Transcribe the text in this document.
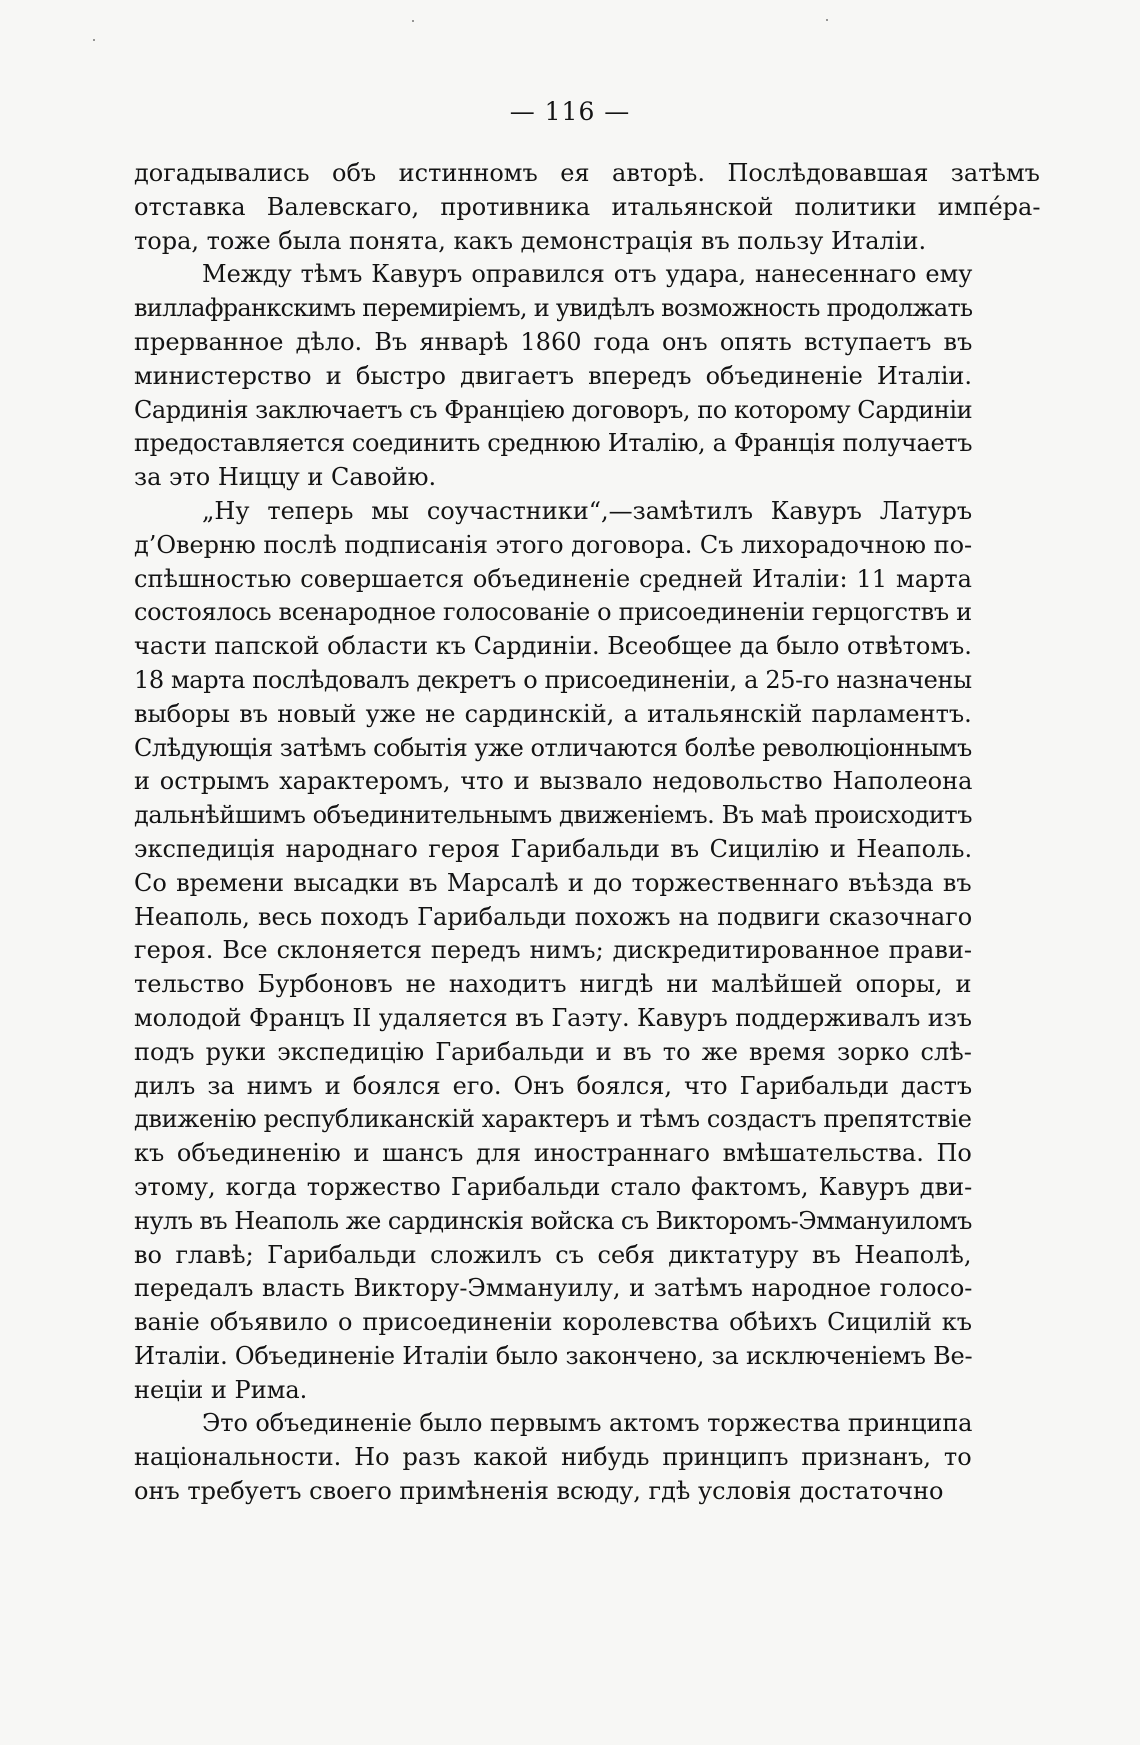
— 116 —
догадывались объ истинномъ ея авторѣ. Послѣдовавшая затѣмъ
отставка Валевскаго, противника итальянской политики импе́ра-
тора, тоже была понята, какъ демонстрація въ пользу Италіи.
Между тѣмъ Кавуръ оправился отъ удара, нанесеннаго ему
виллафранкскимъ перемиріемъ, и увидѣлъ возможность продолжать
прерванное дѣло. Въ январѣ 1860 года онъ опять вступаетъ въ
министерство и быстро двигаетъ впередъ объединеніе Италіи.
Сардинія заключаетъ съ Франціею договоръ, по которому Сардиніи
предоставляется соединить среднюю Италію, а Франція получаетъ
за это Ниццу и Савойю.
„Ну теперь мы соучастники“,—замѣтилъ Кавуръ Латуръ
д’Оверню послѣ подписанія этого договора. Съ лихорадочною по-
спѣшностью совершается объединеніе средней Италіи: 11 марта
состоялось всенародное голосованіе о присоединеніи герцогствъ и
части папской области къ Сардиніи. Всеобщее да было отвѣтомъ.
18 марта послѣдовалъ декретъ о присоединеніи, а 25-го назначены
выборы въ новый уже не сардинскій, а итальянскій парламентъ.
Слѣдующія затѣмъ событія уже отличаются болѣе революціоннымъ
и острымъ характеромъ, что и вызвало недовольство Наполеона
дальнѣйшимъ объединительнымъ движеніемъ. Въ маѣ происходитъ
экспедиція народнаго героя Гарибальди въ Сицилію и Неаполь.
Со времени высадки въ Марсалѣ и до торжественнаго въѣзда въ
Неаполь, весь походъ Гарибальди похожъ на подвиги сказочнаго
героя. Все склоняется передъ нимъ; дискредитированное прави-
тельство Бурбоновъ не находитъ нигдѣ ни малѣйшей опоры, и
молодой Францъ II удаляется въ Гаэту. Кавуръ поддерживалъ изъ
подъ руки экспедицію Гарибальди и въ то же время зорко слѣ-
дилъ за нимъ и боялся его. Онъ боялся, что Гарибальди дастъ
движенію республиканскій характеръ и тѣмъ создастъ препятствіе
къ объединенію и шансъ для иностраннаго вмѣшательства. По
этому, когда торжество Гарибальди стало фактомъ, Кавуръ дви-
нулъ въ Неаполь же сардинскія войска съ Викторомъ-Эммануиломъ
во главѣ; Гарибальди сложилъ съ себя диктатуру въ Неаполѣ,
передалъ власть Виктору-Эммануилу, и затѣмъ народное голосо-
ваніе объявило о присоединеніи королевства обѣихъ Сицилій къ
Италіи. Объединеніе Италіи было закончено, за исключеніемъ Ве-
неціи и Рима.
Это объединеніе было первымъ актомъ торжества принципа
національности. Но разъ какой нибудь принципъ признанъ, то
онъ требуетъ своего примѣненія всюду, гдѣ условія достаточно
